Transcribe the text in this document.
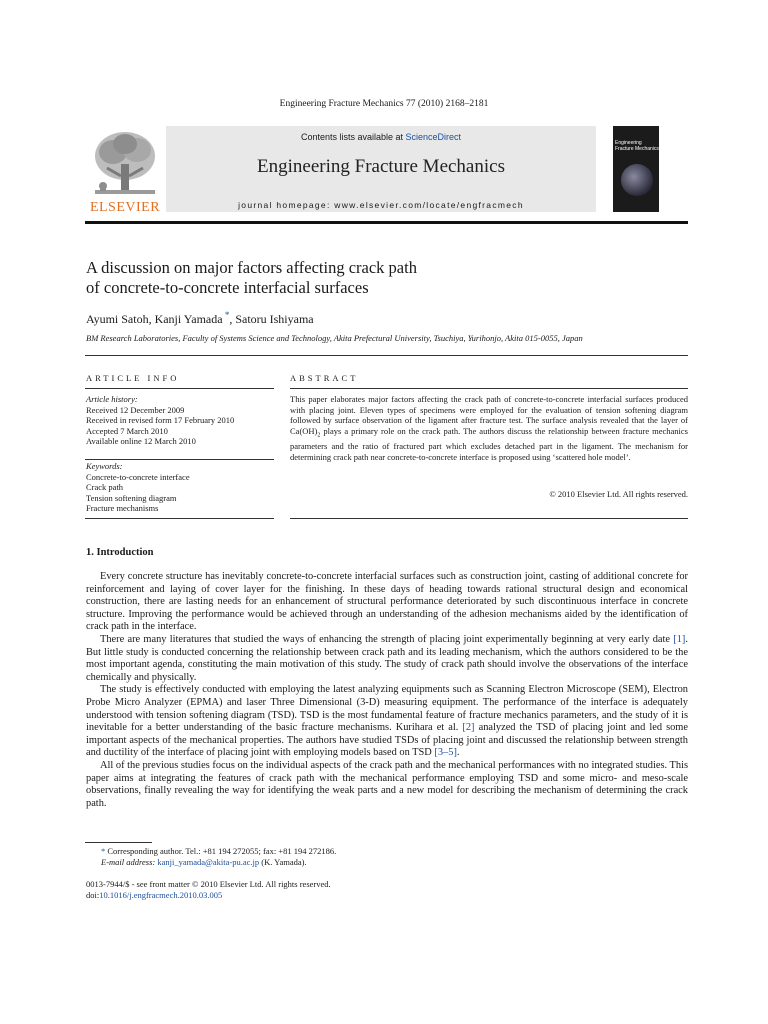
Engineering Fracture Mechanics 77 (2010) 2168–2181
ELSEVIER
Contents lists available at ScienceDirect
Engineering Fracture Mechanics
journal homepage: www.elsevier.com/locate/engfracmech
Engineering
Fracture Mechanics
A discussion on major factors affecting crack path
of concrete-to-concrete interfacial surfaces
Ayumi Satoh, Kanji Yamada *, Satoru Ishiyama
BM Research Laboratories, Faculty of Systems Science and Technology, Akita Prefectural University, Tsuchiya, Yurihonjo, Akita 015-0055, Japan
ARTICLE INFO	ABSTRACT
Article history:
Received 12 December 2009
Received in revised form 17 February 2010
Accepted 7 March 2010
Available online 12 March 2010
Keywords:
Concrete-to-concrete interface
Crack path
Tension softening diagram
Fracture mechanisms
This paper elaborates major factors affecting the crack path of concrete-to-concrete interfacial surfaces produced with placing joint. Eleven types of specimens were employed for the evaluation of tension softening diagram followed by surface observation of the ligament after fracture test. The surface analysis revealed that the layer of $Ca(OH)_2$ plays a primary role on the crack path. The authors discuss the relationship between fracture mechanics parameters and the ratio of fractured part which excludes detached part in the ligament. The mechanism for determining crack path near concrete-to-concrete interface is proposed using ‘scattered hole model’.
© 2010 Elsevier Ltd. All rights reserved.
1. Introduction

Every concrete structure has inevitably concrete-to-concrete interfacial surfaces such as construction joint, casting of additional concrete for reinforcement and laying of cover layer for the finishing. In these days of heading towards rational structural design and economical construction, there are lasting needs for an enhancement of structural performance deteriorated by such discontinuous interface in concrete structure. Improving the performance would be achieved through an understanding of the adhesion mechanisms aided by the identification of crack path in the interface.

There are many literatures that studied the ways of enhancing the strength of placing joint experimentally beginning at very early date [1]. But little study is conducted concerning the relationship between crack path and its leading mechanism, which the authors considered to be the most important agenda, constituting the main motivation of this study. The study of crack path should involve the observations of the interface chemically and physically.

The study is effectively conducted with employing the latest analyzing equipments such as Scanning Electron Microscope (SEM), Electron Probe Micro Analyzer (EPMA) and laser Three Dimensional (3-D) measuring equipment. The performance of the interface is adequately understood with tension softening diagram (TSD). TSD is the most fundamental feature of fracture mechanics parameters, and the study of it is inevitable for a better understanding of the basic fracture mechanisms. Kurihara et al. [2] analyzed the TSD of placing joint and led some important aspects of the mechanical properties. The authors have studied TSDs of placing joint and discussed the relationship between strength and ductility of the interface of placing joint with employing models based on TSD [3–5].

All of the previous studies focus on the individual aspects of the crack path and the mechanical performances with no integrated studies. This paper aims at integrating the features of crack path with the mechanical performance employing TSD and some micro- and meso-scale observations, finally revealing the way for identifying the weak parts and a new model for describing the mechanism of determining the crack path.

* Corresponding author. Tel.: +81 194 272055; fax: +81 194 272186.
E-mail address: kanji_yamada@akita-pu.ac.jp (K. Yamada).
0013-7944/$ - see front matter © 2010 Elsevier Ltd. All rights reserved.
doi:10.1016/j.engfracmech.2010.03.005
